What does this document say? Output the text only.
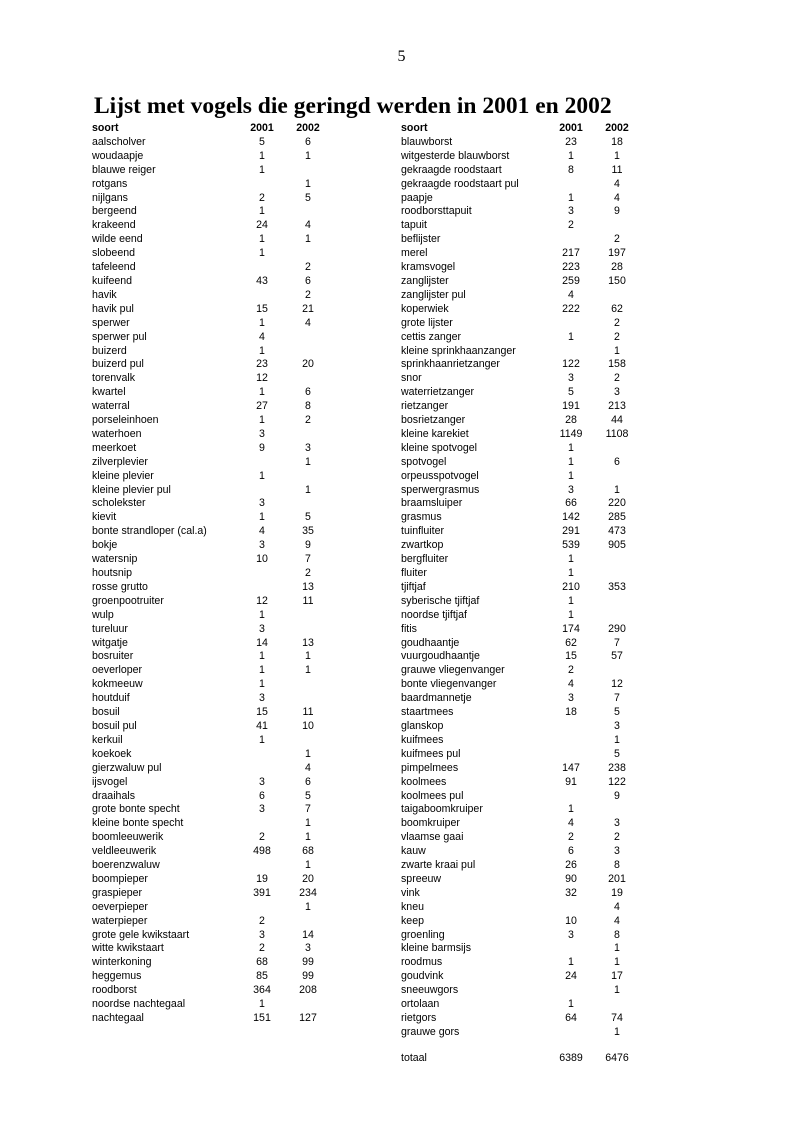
5
Lijst met vogels die geringd werden in 2001 en 2002
soort	2001	2002
aalscholver	5	6
woudaapje	1	1
blauwe reiger	1	
rotgans		1
nijlgans	2	5
bergeend	1	
krakeend	24	4
wilde eend	1	1
slobeend	1	
tafeleend		2
kuifeend	43	6
havik		2
havik pul	15	21
sperwer	1	4
sperwer pul	4	
buizerd	1	
buizerd pul	23	20
torenvalk	12	
kwartel	1	6
waterral	27	8
porseleinhoen	1	2
waterhoen	3	
meerkoet	9	3
zilverplevier		1
kleine plevier	1	
kleine plevier pul		1
scholekster	3	
kievit	1	5
bonte strandloper (cal.a)	4	35
bokje	3	9
watersnip	10	7
houtsnip		2
rosse grutto		13
groenpootruiter	12	11
wulp	1	
tureluur	3	
witgatje	14	13
bosruiter	1	1
oeverloper	1	1
kokmeeuw	1	
houtduif	3	
bosuil	15	11
bosuil pul	41	10
kerkuil	1	
koekoek		1
gierzwaluw pul		4
ijsvogel	3	6
draaihals	6	5
grote bonte specht	3	7
kleine bonte specht		1
boomleeuwerik	2	1
veldleeuwerik	498	68
boerenzwaluw		1
boompieper	19	20
graspieper	391	234
oeverpieper		1
waterpieper	2	
grote gele kwikstaart	3	14
witte kwikstaart	2	3
winterkoning	68	99
heggemus	85	99
roodborst	364	208
noordse nachtegaal	1	
nachtegaal	151	127
soort	2001	2002
blauwborst	23	18
witgesterde blauwborst	1	1
gekraagde roodstaart	8	11
gekraagde roodstaart pul		4
paapje	1	4
roodborsttapuit	3	9
tapuit	2	
beflijster		2
merel	217	197
kramsvogel	223	28
zanglijster	259	150
zanglijster pul	4	
koperwiek	222	62
grote lijster		2
cettis zanger	1	2
kleine sprinkhaanzanger		1
sprinkhaanrietzanger	122	158
snor	3	2
waterrietzanger	5	3
rietzanger	191	213
bosrietzanger	28	44
kleine karekiet	1149	1108
kleine spotvogel	1	
spotvogel	1	6
orpeusspotvogel	1	
sperwergrasmus	3	1
braamsluiper	66	220
grasmus	142	285
tuinfluiter	291	473
zwartkop	539	905
bergfluiter	1	
fluiter	1	
tjiftjaf	210	353
syberische tjiftjaf	1	
noordse tjiftjaf	1	
fitis	174	290
goudhaantje	62	7
vuurgoudhaantje	15	57
grauwe vliegenvanger	2	
bonte vliegenvanger	4	12
baardmannetje	3	7
staartmees	18	5
glanskop		3
kuifmees		1
kuifmees pul		5
pimpelmees	147	238
koolmees	91	122
koolmees pul		9
taigaboomkruiper	1	
boomkruiper	4	3
vlaamse gaai	2	2
kauw	6	3
zwarte kraai pul	26	8
spreeuw	90	201
vink	32	19
kneu		4
keep	10	4
groenling	3	8
kleine barmsijs		1
roodmus	1	1
goudvink	24	17
sneeuwgors		1
ortolaan	1	
rietgors	64	74
grauwe gors		1
totaal	6389	6476
